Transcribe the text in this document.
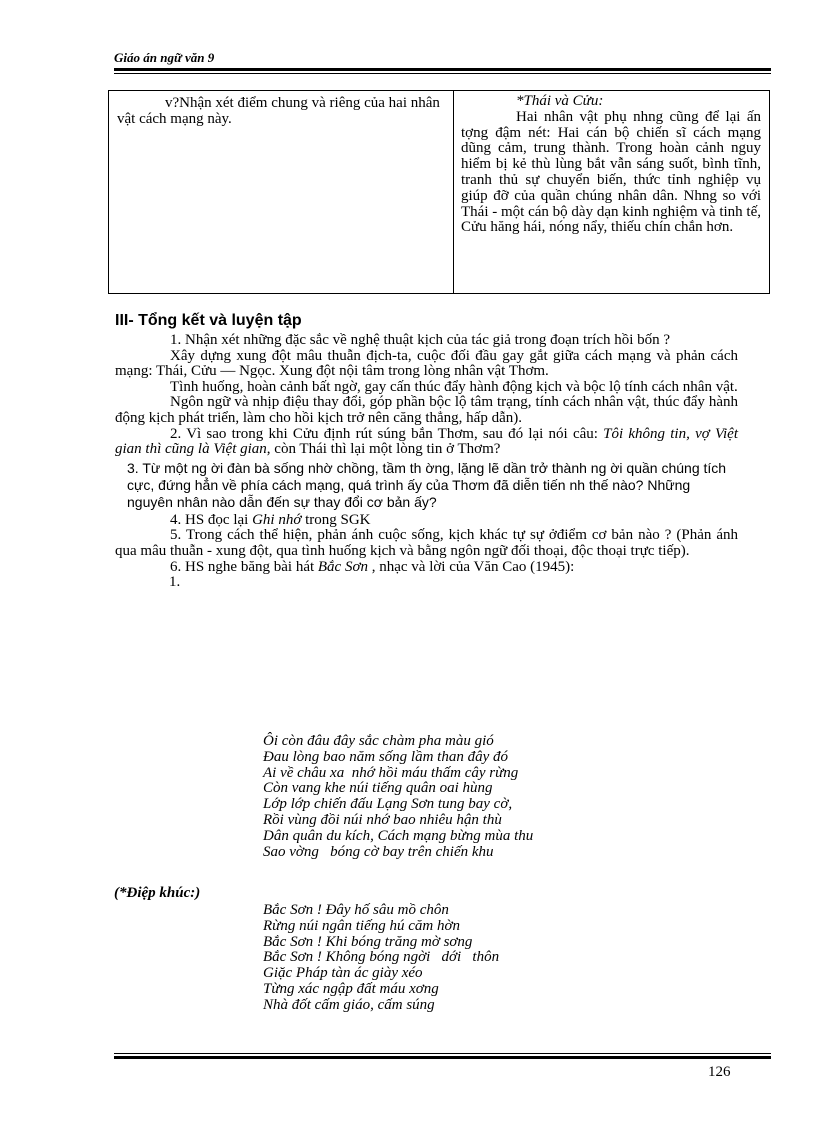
Giáo án ngữ văn 9
v?Nhận xét điểm chung và riêng của hai nhân vật cách mạng này.
*Thái và Cửu:

Hai nhân vật phụ nhng cũng để lại ấn tợng đậm nét: Hai cán bộ chiến sĩ cách mạng dũng cảm, trung thành. Trong hoàn cảnh nguy hiểm bị kẻ thù lùng bắt vẫn sáng suốt, bình tĩnh, tranh thủ sự chuyển biến, thức tỉnh nghiệp vụ giúp đỡ của quần chúng nhân dân. Nhng so với Thái - một cán bộ dày dạn kinh nghiệm và tinh tế, Cửu hăng hái, nóng nẩy, thiếu chín chắn hơn.

III- Tổng kết và luyện tập

1. Nhận xét những đặc sắc về nghệ thuật kịch của tác giả trong đoạn trích hồi bốn ?

Xây dựng xung đột mâu thuẫn địch-ta, cuộc đối đầu gay gắt giữa cách mạng và phản cách mạng: Thái, Cửu — Ngọc. Xung đột nội tâm trong lòng nhân vật Thơm.

Tình huống, hoàn cảnh bất ngờ, gay cấn thúc đẩy hành động kịch và bộc lộ tính cách nhân vật.

Ngôn ngữ và nhịp điệu thay đổi, góp phần bộc lộ tâm trạng, tính cách nhân vật, thúc đẩy hành động kịch phát triển, làm cho hồi kịch trở nên căng thẳng, hấp dẫn).

2. Vì sao trong khi Cửu định rút súng bắn Thơm, sau đó lại nói câu: Tôi không tin, vợ Việt gian thì cũng là Việt gian, còn Thái thì lại một lòng tin ở Thơm?

3. Từ một ng ời đàn bà sống nhờ chồng, tầm th ờng, lặng lẽ dần trở thành ng ời quần chúng tích cực, đứng hẳn về phía cách mạng, quá trình ấy của Thơm đã diễn tiến nh thế nào? Những nguyên nhân nào dẫn đến sự thay đổi cơ bản ấy?

4. HS đọc lại Ghi nhớ trong SGK

5. Trong cách thể hiện, phản ánh cuộc sống, kịch khác tự sự ởđiểm cơ bản nào ? (Phản ánh qua mâu thuẫn - xung đột, qua tình huống kịch và bằng ngôn ngữ đối thoại, độc thoại trực tiếp).

6. HS nghe băng bài hát Bắc Sơn , nhạc và lời của Văn Cao (1945):

1.

Ôi còn đâu đây sắc chàm pha màu gió
Đau lòng bao năm sống lầm than đây đó
Ai về châu xa  nhớ hồi máu thấm cây rừng
Còn vang khe núi tiếng quân oai hùng
Lớp lớp chiến đấu Lạng Sơn tung bay cờ,
Rồi vùng đồi núi nhớ bao nhiêu hận thù
Dân quân du kích, Cách mạng bừng mùa thu
Sao vờng   bóng cờ bay trên chiến khu
(*Điệp khúc:)
Bắc Sơn ! Đây hố sâu mồ chôn
Rừng núi ngân tiếng hú căm hờn
Bắc Sơn ! Khi bóng trăng mờ sơng
Bắc Sơn ! Không bóng ngời   dới   thôn
Giặc Pháp tàn ác giày xéo
Từng xác ngập đất máu xơng
Nhà đốt cấm giáo, cấm súng
126
